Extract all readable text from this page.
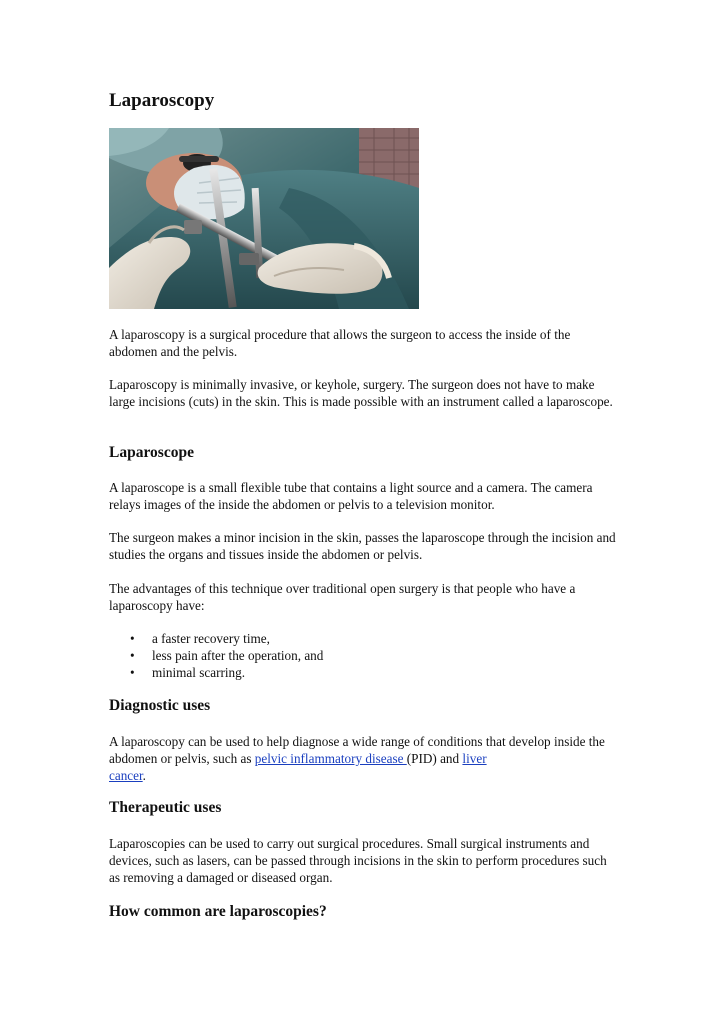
Laparoscopy

A laparoscopy is a surgical procedure that allows the surgeon to access the inside of the abdomen and the pelvis.

Laparoscopy is minimally invasive, or keyhole, surgery. The surgeon does not have to make large incisions (cuts) in the skin. This is made possible with an instrument called a laparoscope.

Laparoscope

A laparoscope is a small flexible tube that contains a light source and a camera. The camera relays images of the inside the abdomen or pelvis to a television monitor.

The surgeon makes a minor incision in the skin, passes the laparoscope through the incision and studies the organs and tissues inside the abdomen or pelvis.

The advantages of this technique over traditional open surgery is that people who have a laparoscopy have:

• a faster recovery time,
• less pain after the operation, and
• minimal scarring.
Diagnostic uses

A laparoscopy can be used to help diagnose a wide range of conditions that develop inside the abdomen or pelvis, such as pelvic inflammatory disease (PID) and liver
cancer.

Therapeutic uses

Laparoscopies can be used to carry out surgical procedures. Small surgical instruments and devices, such as lasers, can be passed through incisions in the skin to perform procedures such as removing a damaged or diseased organ.

How common are laparoscopies?
